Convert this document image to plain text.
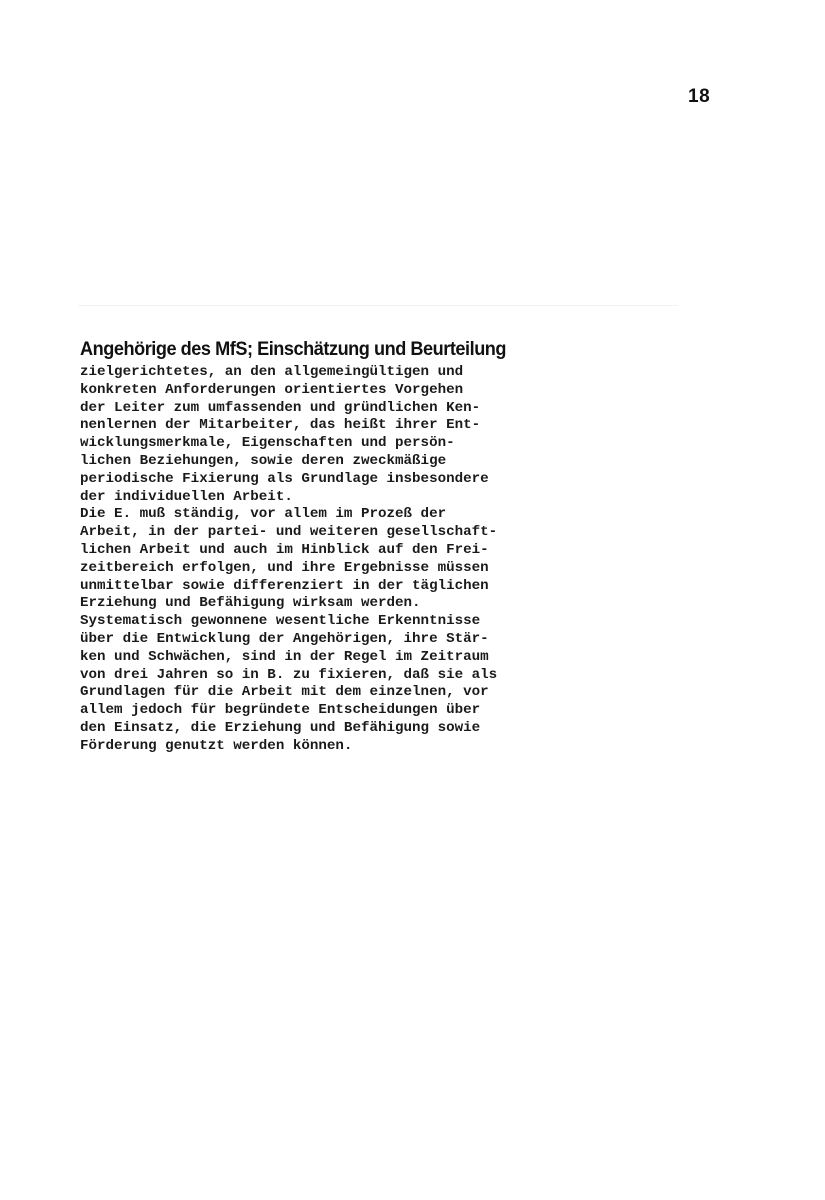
18
Angehörige des MfS; Einschätzung und Beurteilung
zielgerichtetes, an den allgemeingültigen und
konkreten Anforderungen orientiertes Vorgehen
der Leiter zum umfassenden und gründlichen Ken-
nenlernen der Mitarbeiter, das heißt ihrer Ent-
wicklungsmerkmale, Eigenschaften und persön-
lichen Beziehungen, sowie deren zweckmäßige
periodische Fixierung als Grundlage insbesondere
der individuellen Arbeit.
Die E. muß ständig, vor allem im Prozeß der
Arbeit, in der partei- und weiteren gesellschaft-
lichen Arbeit und auch im Hinblick auf den Frei-
zeitbereich erfolgen, und ihre Ergebnisse müssen
unmittelbar sowie differenziert in der täglichen
Erziehung und Befähigung wirksam werden.
Systematisch gewonnene wesentliche Erkenntnisse
über die Entwicklung der Angehörigen, ihre Stär-
ken und Schwächen, sind in der Regel im Zeitraum
von drei Jahren so in B. zu fixieren, daß sie als
Grundlagen für die Arbeit mit dem einzelnen, vor
allem jedoch für begründete Entscheidungen über
den Einsatz, die Erziehung und Befähigung sowie
Förderung genutzt werden können.
